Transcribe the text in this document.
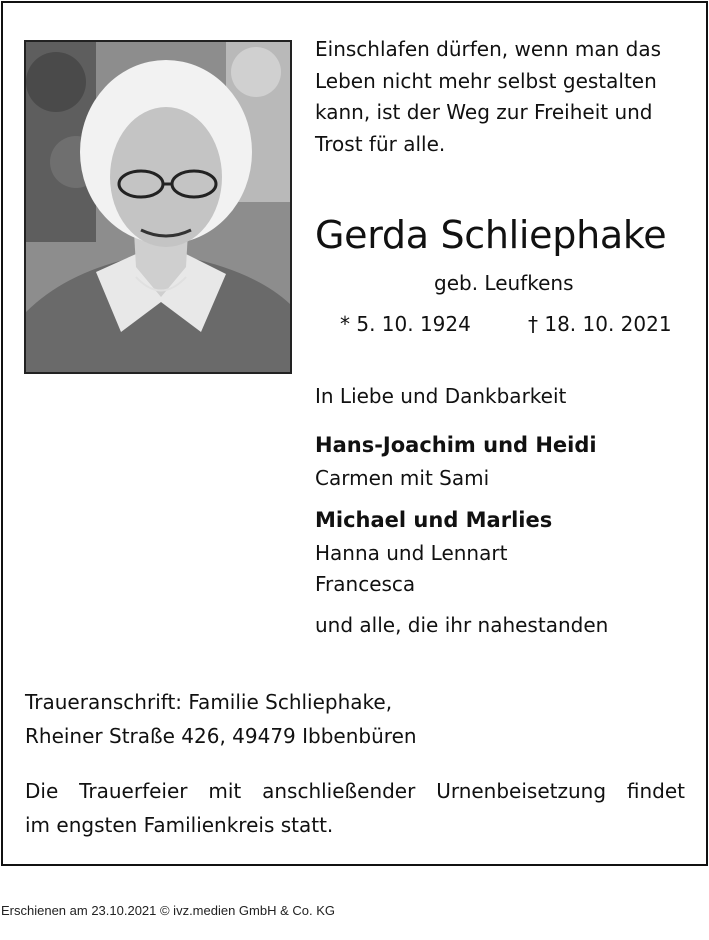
Einschlafen dürfen, wenn man das
Leben nicht mehr selbst gestalten
kann, ist der Weg zur Freiheit und
Trost für alle.
Gerda Schliephake
geb. Leufkens
* 5. 10. 1924	† 18. 10. 2021
In Liebe und Dankbarkeit
Hans-Joachim und Heidi
Carmen mit Sami
Michael und Marlies
Hanna und Lennart
Francesca
und alle, die ihr nahestanden
Traueranschrift: Familie Schliephake,
Rheiner Straße 426, 49479 Ibbenbüren
Die Trauerfeier mit anschließender Urnenbeisetzung findet
im engsten Familienkreis statt.
Erschienen am 23.10.2021 © ivz.medien GmbH & Co. KG
